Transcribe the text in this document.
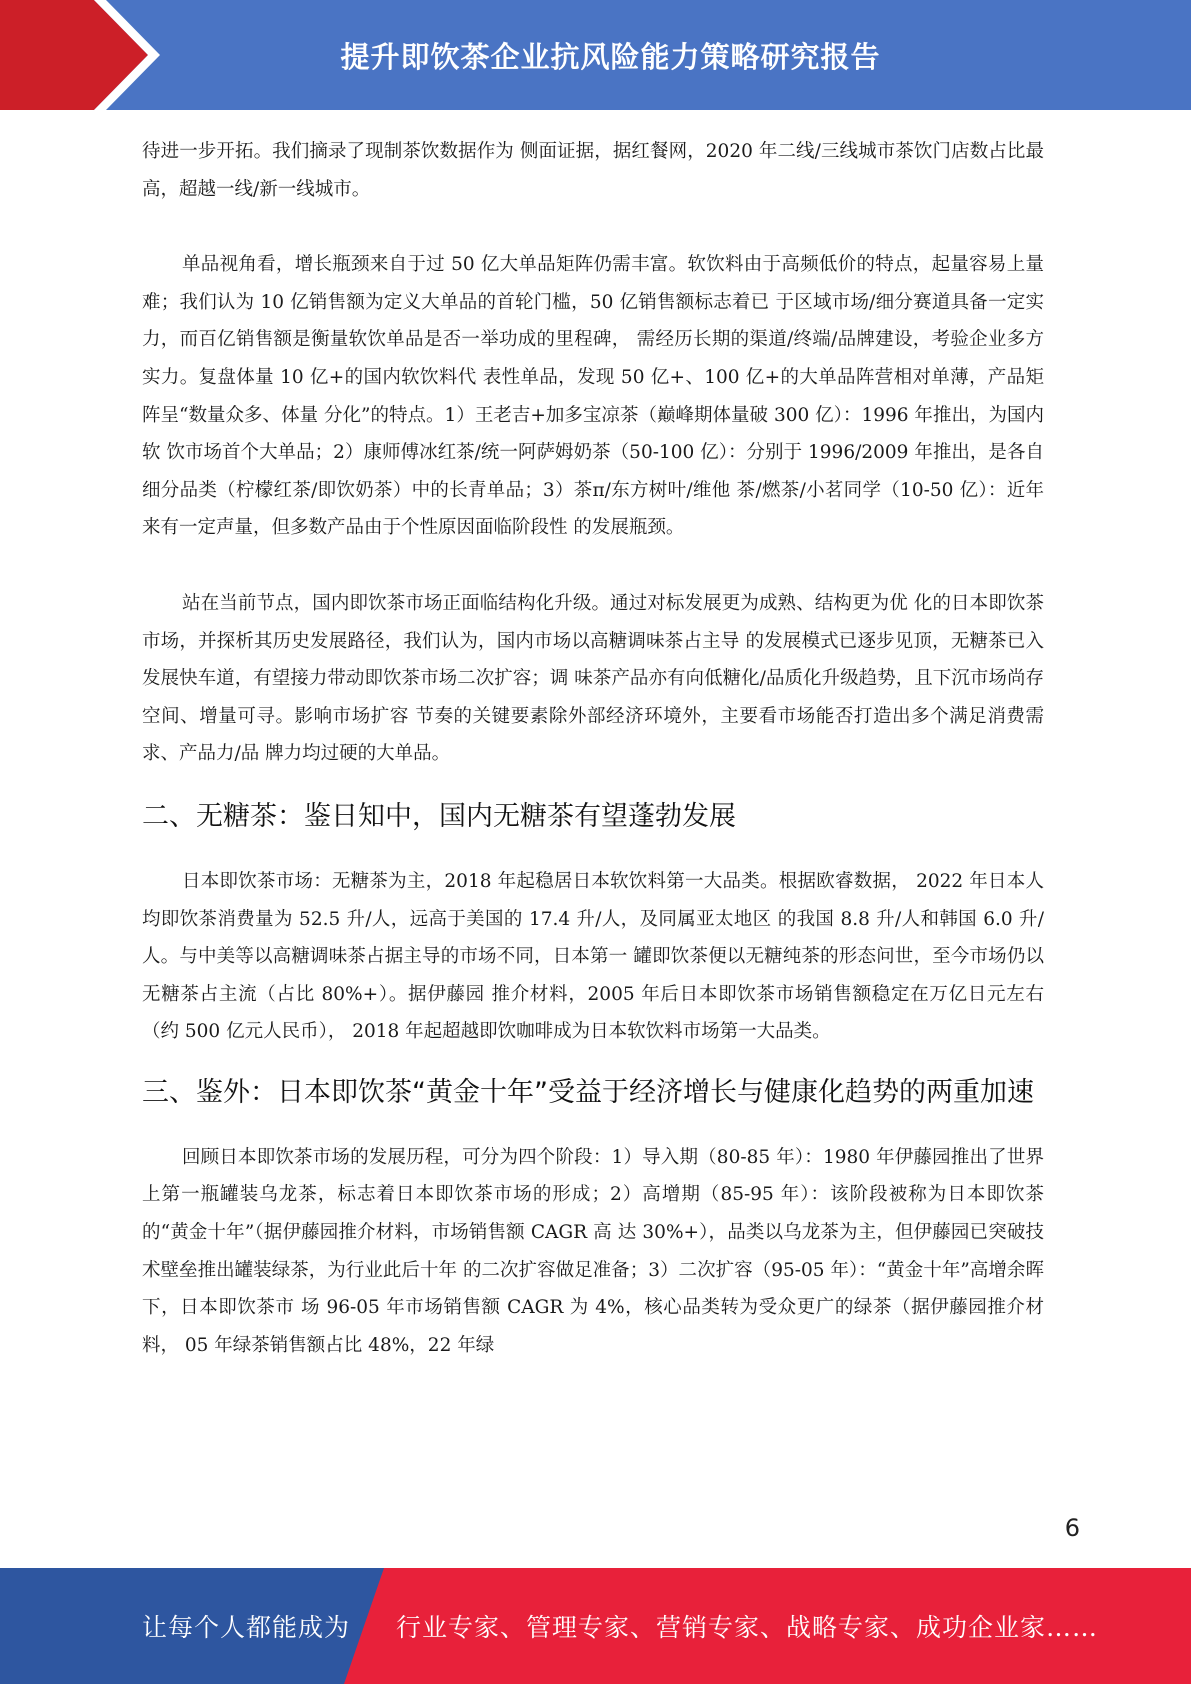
提升即饮茶企业抗风险能力策略研究报告

待进一步开拓。我们摘录了现制茶饮数据作为 侧面证据，据红餐网，2020 年二线/三线城市茶饮门店数占比最高，超越一线/新一线城市。

单品视角看，增长瓶颈来自于过 50 亿大单品矩阵仍需丰富。软饮料由于高频低价的特点，起量容易上量难；我们认为 10 亿销售额为定义大单品的首轮门槛，50 亿销售额标志着已 于区域市场/细分赛道具备一定实力，而百亿销售额是衡量软饮单品是否一举功成的里程碑， 需经历长期的渠道/终端/品牌建设，考验企业多方实力。复盘体量 10 亿+的国内软饮料代 表性单品，发现 50 亿+、100 亿+的大单品阵营相对单薄，产品矩阵呈“数量众多、体量 分化”的特点。1）王老吉+加多宝凉茶（巅峰期体量破 300 亿）：1996 年推出，为国内软 饮市场首个大单品；2）康师傅冰红茶/统一阿萨姆奶茶（50-100 亿）：分别于 1996/2009 年推出，是各自细分品类（柠檬红茶/即饮奶茶）中的长青单品；3）茶π/东方树叶/维他 茶/燃茶/小茗同学（10-50 亿）：近年来有一定声量，但多数产品由于个性原因面临阶段性 的发展瓶颈。

站在当前节点，国内即饮茶市场正面临结构化升级。通过对标发展更为成熟、结构更为优 化的日本即饮茶市场，并探析其历史发展路径，我们认为，国内市场以高糖调味茶占主导 的发展模式已逐步见顶，无糖茶已入发展快车道，有望接力带动即饮茶市场二次扩容；调 味茶产品亦有向低糖化/品质化升级趋势，且下沉市场尚存空间、增量可寻。影响市场扩容 节奏的关键要素除外部经济环境外，主要看市场能否打造出多个满足消费需求、产品力/品 牌力均过硬的大单品。

二、无糖茶：鉴日知中，国内无糖茶有望蓬勃发展

日本即饮茶市场：无糖茶为主，2018 年起稳居日本软饮料第一大品类。根据欧睿数据， 2022 年日本人均即饮茶消费量为 52.5 升/人，远高于美国的 17.4 升/人，及同属亚太地区 的我国 8.8 升/人和韩国 6.0 升/人。与中美等以高糖调味茶占据主导的市场不同，日本第一 罐即饮茶便以无糖纯茶的形态问世，至今市场仍以无糖茶占主流（占比 80%+）。据伊藤园 推介材料，2005 年后日本即饮茶市场销售额稳定在万亿日元左右（约 500 亿元人民币）， 2018 年起超越即饮咖啡成为日本软饮料市场第一大品类。

三、鉴外：日本即饮茶“黄金十年”受益于经济增长与健康化趋势的两重加速

回顾日本即饮茶市场的发展历程，可分为四个阶段：1）导入期（80-85 年）：1980 年伊藤园推出了世界上第一瓶罐装乌龙茶，标志着日本即饮茶市场的形成；2）高增期（85-95 年）：该阶段被称为日本即饮茶的“黄金十年”（据伊藤园推介材料，市场销售额 CAGR 高 达 30%+），品类以乌龙茶为主，但伊藤园已突破技术壁垒推出罐装绿茶，为行业此后十年 的二次扩容做足准备；3）二次扩容（95-05 年）：“黄金十年”高增余晖下，日本即饮茶市 场 96-05 年市场销售额 CAGR 为 4%，核心品类转为受众更广的绿茶（据伊藤园推介材料， 05 年绿茶销售额占比 48%，22 年绿

6
让每个人都能成为 行业专家、管理专家、营销专家、战略专家、成功企业家……
